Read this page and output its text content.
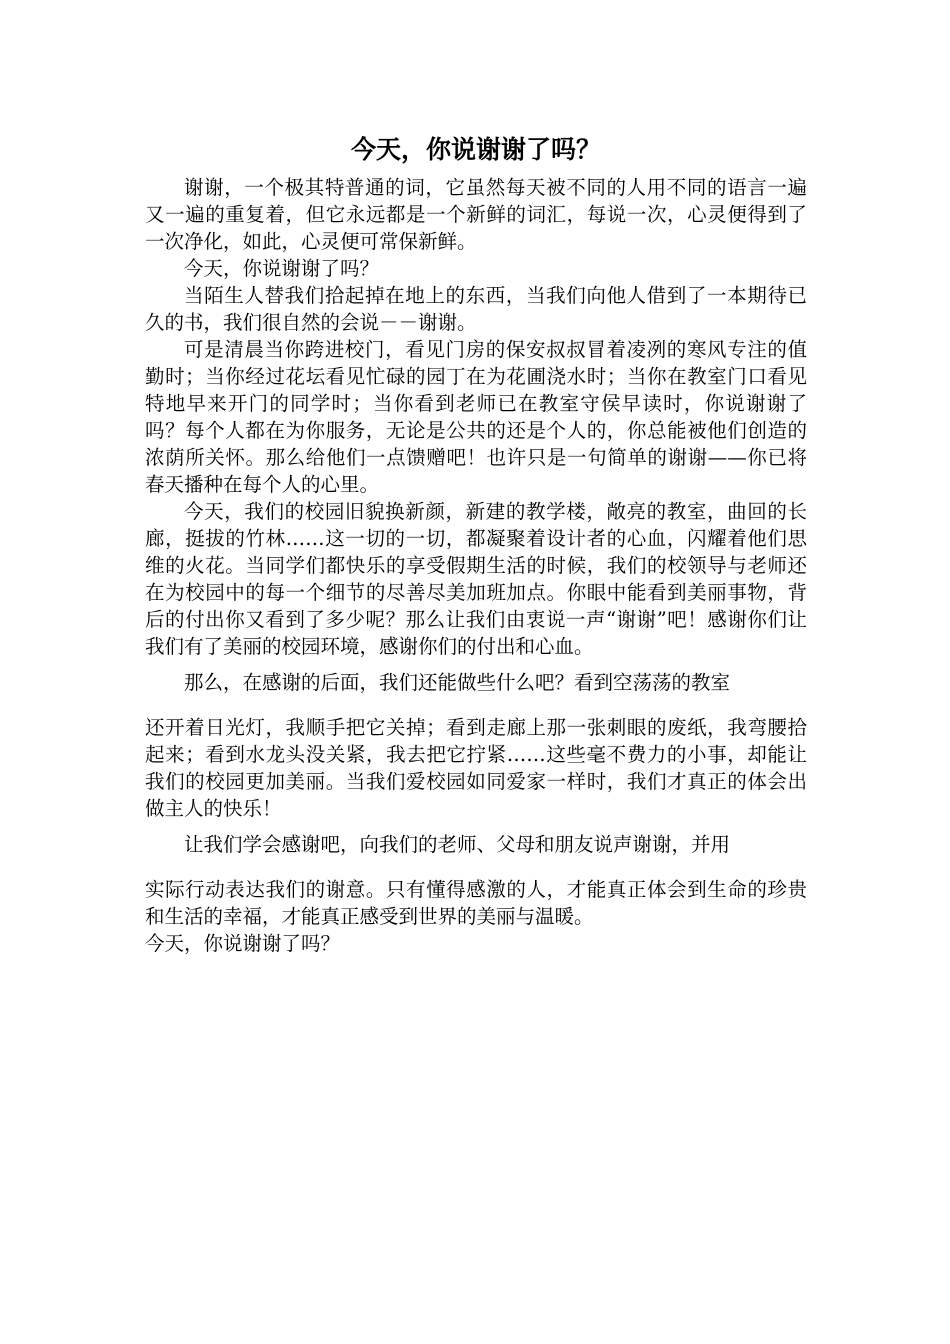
今天，你说谢谢了吗？

谢谢，一个极其特普通的词，它虽然每天被不同的人用不同的语言一遍又一遍的重复着，但它永远都是一个新鲜的词汇，每说一次，心灵便得到了一次净化，如此，心灵便可常保新鲜。

今天，你说谢谢了吗？

当陌生人替我们拾起掉在地上的东西，当我们向他人借到了一本期待已久的书，我们很自然的会说－－谢谢。

可是清晨当你跨进校门，看见门房的保安叔叔冒着凌冽的寒风专注的值勤时；当你经过花坛看见忙碌的园丁在为花圃浇水时；当你在教室门口看见特地早来开门的同学时；当你看到老师已在教室守侯早读时，你说谢谢了吗？每个人都在为你服务，无论是公共的还是个人的，你总能被他们创造的浓荫所关怀。那么给他们一点馈赠吧！也许只是一句简单的谢谢——你已将春天播种在每个人的心里。

今天，我们的校园旧貌换新颜，新建的教学楼，敞亮的教室，曲回的长廊，挺拔的竹林……这一切的一切，都凝聚着设计者的心血，闪耀着他们思维的火花。当同学们都快乐的享受假期生活的时候，我们的校领导与老师还在为校园中的每一个细节的尽善尽美加班加点。你眼中能看到美丽事物，背后的付出你又看到了多少呢？那么让我们由衷说一声“谢谢”吧！感谢你们让我们有了美丽的校园环境，感谢你们的付出和心血。

那么，在感谢的后面，我们还能做些什么吧？看到空荡荡的教室

还开着日光灯，我顺手把它关掉；看到走廊上那一张刺眼的废纸，我弯腰拾起来；看到水龙头没关紧，我去把它拧紧……这些毫不费力的小事，却能让我们的校园更加美丽。当我们爱校园如同爱家一样时，我们才真正的体会出做主人的快乐！

让我们学会感谢吧，向我们的老师、父母和朋友说声谢谢，并用

实际行动表达我们的谢意。只有懂得感激的人，才能真正体会到生命的珍贵和生活的幸福，才能真正感受到世界的美丽与温暖。

今天，你说谢谢了吗？
